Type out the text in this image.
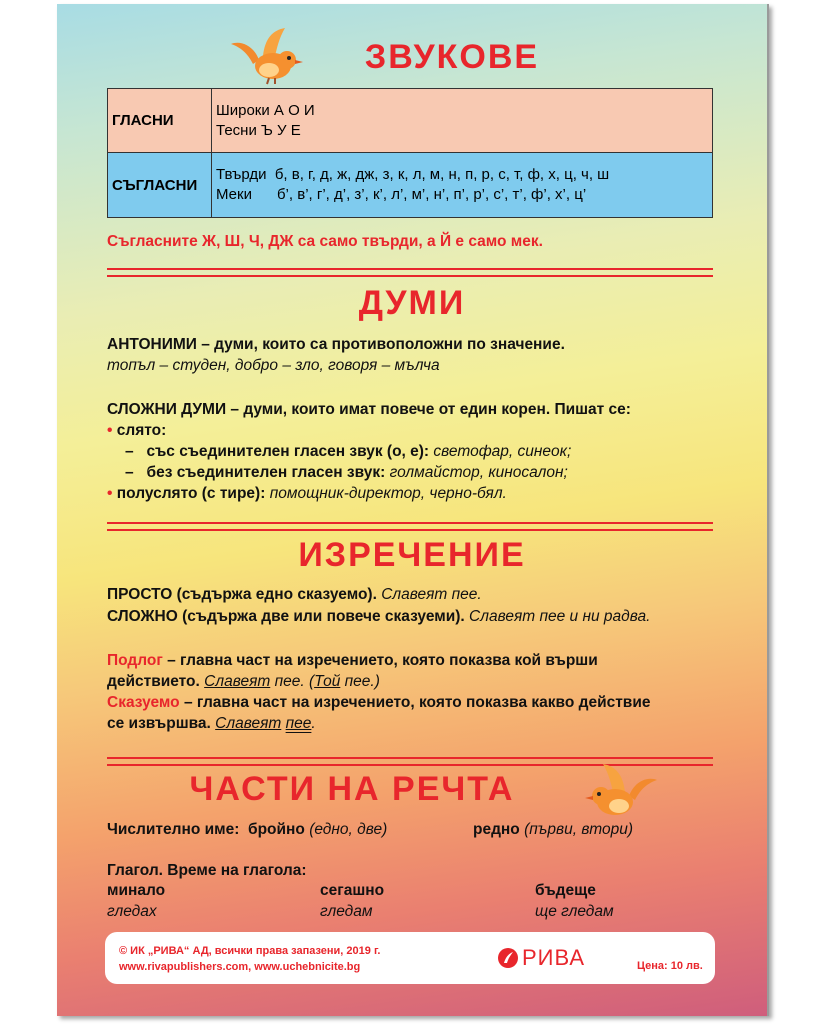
ЗВУКОВЕ
ГЛАСНИ	Широки А О И
Тесни Ъ У Е

СЪГЛАСНИ	Твърди б, в, г, д, ж, дж, з, к, л, м, н, п, р, с, т, ф, х, ц, ч, ш
Меки б’, в’, г’, д’, з’, к’, л’, м’, н’, п’, р’, с’, т’, ф’, х’, ц’
Съгласните Ж, Ш, Ч, ДЖ са само твърди, а Й е само мек.
ДУМИ
АНТОНИМИ – думи, които са противоположни по значение.
топъл – студен, добро – зло, говоря – мълча
СЛОЖНИ ДУМИ – думи, които имат повече от един корен. Пишат се:
• слято:
– със съединителен гласен звук (о, е): светофар, синеок;
– без съединителен гласен звук: голмайстор, киносалон;
• полуслято (с тире): помощник-директор, черно-бял.
ИЗРЕЧЕНИЕ
ПРОСТО (съдържа едно сказуемо). Славеят пее.
СЛОЖНО (съдържа две или повече сказуеми). Славеят пее и ни радва.
Подлог – главна част на изречението, която показва кой върши
действието. Славеят пее. (Той пее.)
Сказуемо – главна част на изречението, която показва какво действие
се извършва. Славеят пее.
ЧАСТИ НА РЕЧТА
Числително име: бройно (едно, две)	редно (първи, втори)
Глагол. Време на глагола:
минало	сегашно	бъдеще
гледах	гледам	ще гледам
© ИК „РИВА“ АД, всички права запазени, 2019 г.
www.rivapublishers.com, www.uchebnicite.bg	РИВА	Цена: 10 лв.
